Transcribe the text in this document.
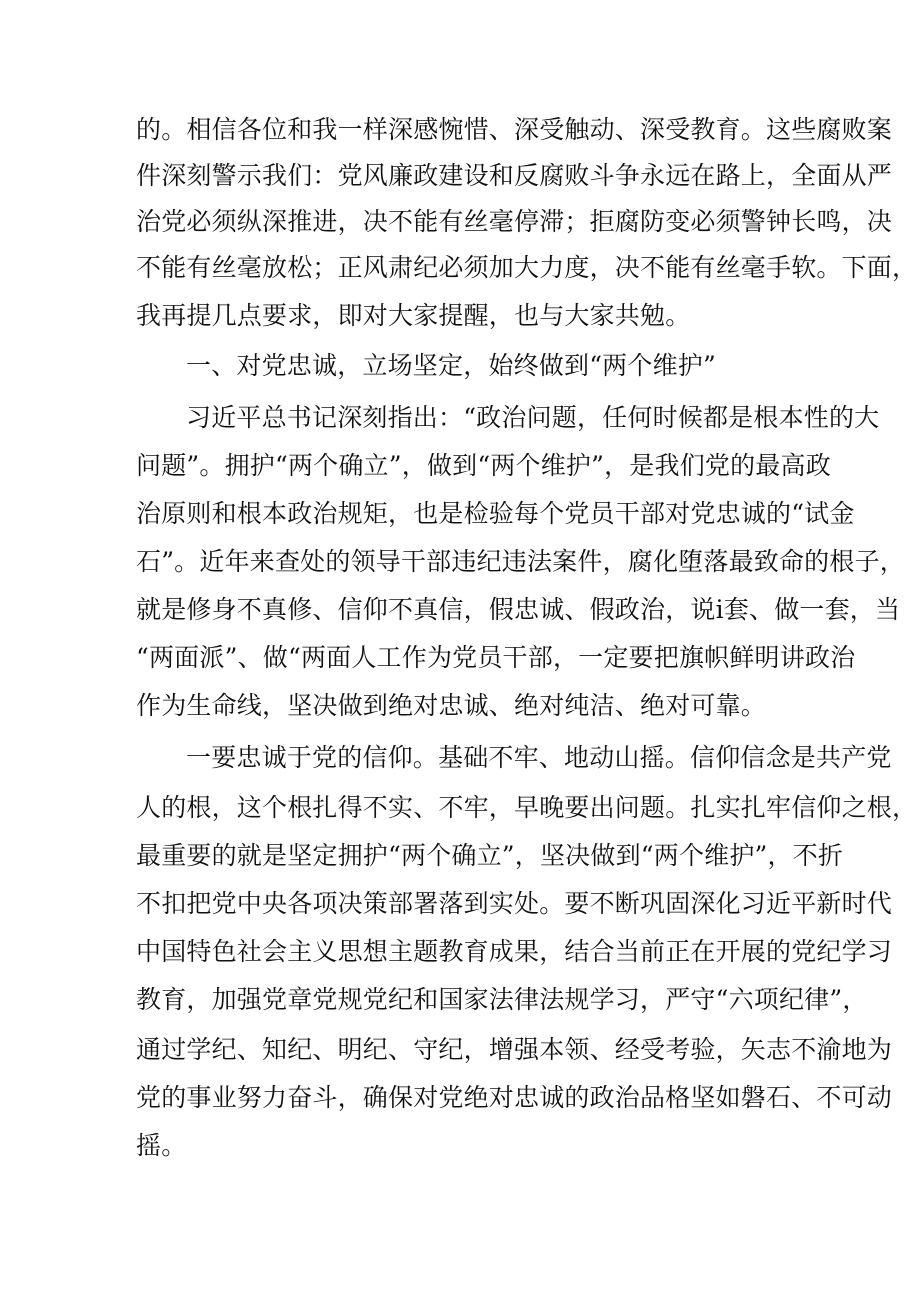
的。相信各位和我一样深感惋惜、深受触动、深受教育。这些腐败案
件深刻警示我们：党风廉政建设和反腐败斗争永远在路上，全面从严
治党必须纵深推进，决不能有丝毫停滞；拒腐防变必须警钟长鸣，决
不能有丝毫放松；正风肃纪必须加大力度，决不能有丝毫手软。下面，
我再提几点要求，即对大家提醒，也与大家共勉。
一、对党忠诚，立场坚定，始终做到“两个维护”
习近平总书记深刻指出：“政治问题，任何时候都是根本性的大
问题”。拥护“两个确立”，做到“两个维护”，是我们党的最高政
治原则和根本政治规矩，也是检验每个党员干部对党忠诚的“试金
石”。近年来查处的领导干部违纪违法案件，腐化堕落最致命的根子，
就是修身不真修、信仰不真信，假忠诚、假政治，说i套、做一套，当
“两面派”、做“两面人工作为党员干部，一定要把旗帜鲜明讲政治
作为生命线，坚决做到绝对忠诚、绝对纯洁、绝对可靠。
一要忠诚于党的信仰。基础不牢、地动山摇。信仰信念是共产党
人的根，这个根扎得不实、不牢，早晚要出问题。扎实扎牢信仰之根，
最重要的就是坚定拥护“两个确立”，坚决做到“两个维护”，不折
不扣把党中央各项决策部署落到实处。要不断巩固深化习近平新时代
中国特色社会主义思想主题教育成果，结合当前正在开展的党纪学习
教育，加强党章党规党纪和国家法律法规学习，严守“六项纪律”，
通过学纪、知纪、明纪、守纪，增强本领、经受考验，矢志不渝地为
党的事业努力奋斗，确保对党绝对忠诚的政治品格坚如磐石、不可动
摇。
